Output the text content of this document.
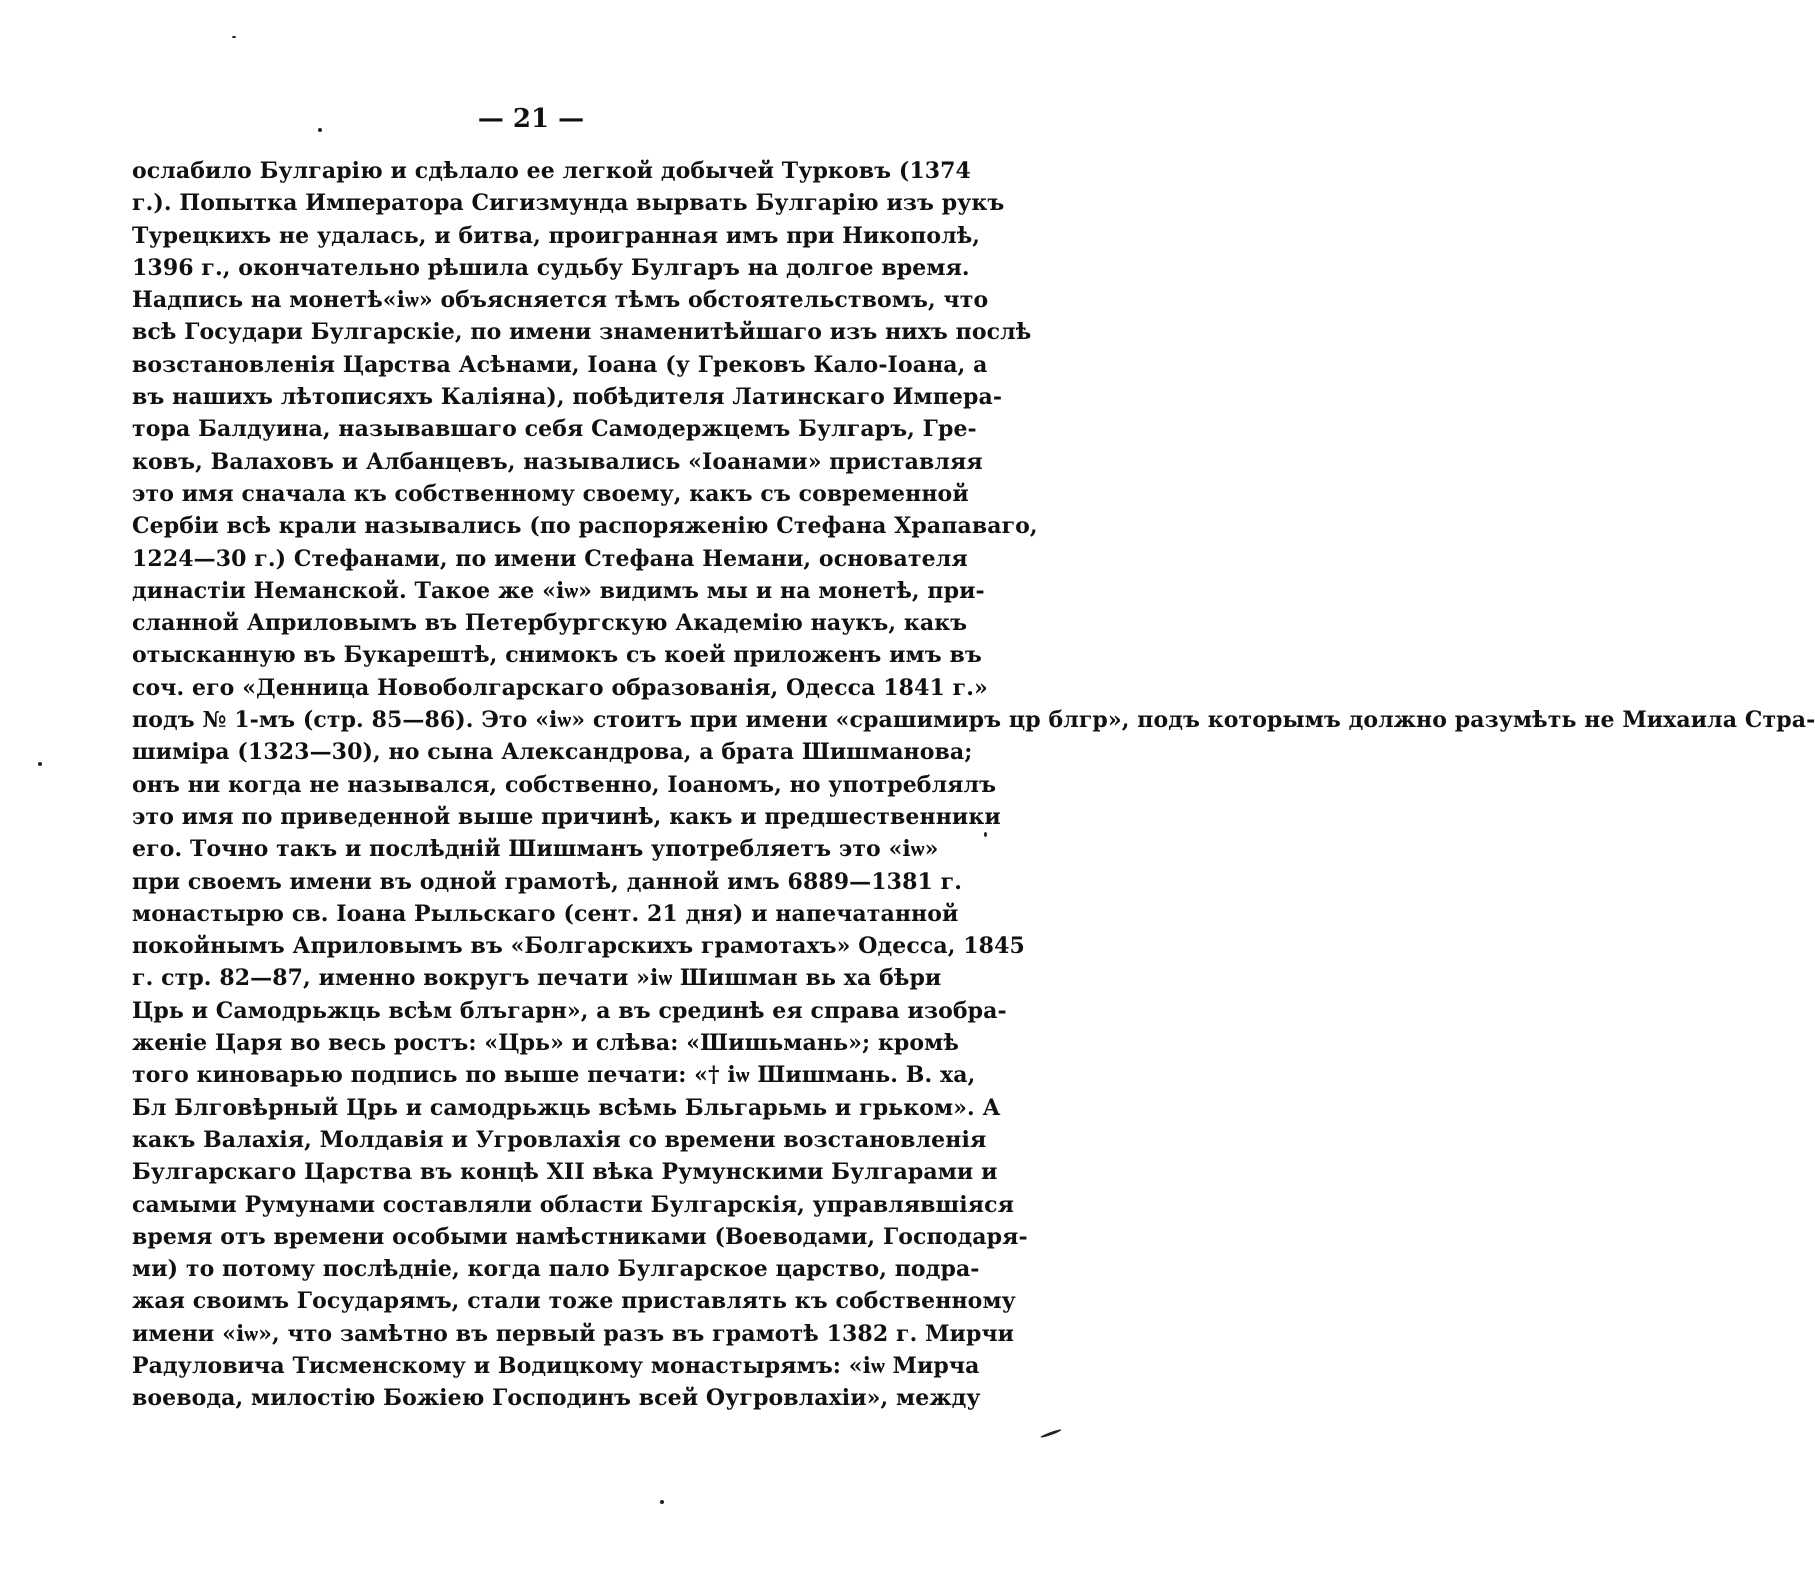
— 21 —
ослабило Булгарію и сдѣлало ее легкой добычей Турковъ (1374
г.). Попытка Императора Сигизмунда вырвать Булгарію изъ рукъ
Турецкихъ не удалась, и битва, проигранная имъ при Никополѣ,
1396 г., окончательно рѣшила судьбу Булгаръ на долгое время.
Надпись на монетѣ«іѡ» объясняется тѣмъ обстоятельствомъ, что
всѣ Государи Булгарскіе, по имени знаменитѣйшаго изъ нихъ послѣ
возстановленія Царства Асѣнами, Іоана (у Грековъ Кало-Іоана, а
въ нашихъ лѣтописяхъ Каліяна), побѣдителя Латинскаго Импера-
тора Балдуина, называвшаго себя Самодержцемъ Булгаръ, Гре-
ковъ, Валаховъ и Албанцевъ, назывались «Іоанами» приставляя
это имя сначала къ собственному своему, какъ съ современной
Сербіи всѣ крали назывались (по распоряженію Стефана Храпаваго,
1224—30 г.) Стефанами, по имени Стефана Немани, основателя
династіи Неманской. Такое же «іѡ» видимъ мы и на монетѣ, при-
сланной Априловымъ въ Петербургскую Академію наукъ, какъ
отысканную въ Букарештѣ, снимокъ съ коей приложенъ имъ въ
соч. его «Денница Новоболгарскаго образованія, Одесса 1841 г.»
подъ № 1-мъ (стр. 85—86). Это «іѡ» стоитъ при имени «срашимиръ цр блгр», подъ которымъ должно разумѣть не Михаила Стра-
шиміра (1323—30), но сына Александрова, а брата Шишманова;
онъ ни когда не назывался, собственно, Іоаномъ, но употреблялъ
это имя по приведенной выше причинѣ, какъ и предшественники
его. Точно такъ и послѣдній Шишманъ употребляетъ это «іѡ»
при своемъ имени въ одной грамотѣ, данной имъ 6889—1381 г.
монастырю св. Іоана Рыльскаго (сент. 21 дня) и напечатанной
покойнымъ Априловымъ въ «Болгарскихъ грамотахъ» Одесса, 1845
г. стр. 82—87, именно вокругъ печати »іѡ Шишман вь ха бѣри
Црь и Самодрьжць всѣм блъгарн», а въ срединѣ ея справа изобра-
женіе Царя во весь ростъ: «Црь» и слѣва: «Шишьмань»; кромѣ
того киноварью подпись по выше печати: «† іѡ Шишмань. В. ха,
Бл Блговѣрный Црь и самодрьжць всѣмь Бльгарьмь и грьком». А
какъ Валахія, Молдавія и Угровлахія со времени возстановленія
Булгарскаго Царства въ концѣ XII вѣка Румунскими Булгарами и
самыми Румунами составляли области Булгарскія, управлявшіяся
время отъ времени особыми намѣстниками (Воеводами, Господаря-
ми) то потому послѣдніе, когда пало Булгарское царство, подра-
жая своимъ Государямъ, стали тоже приставлять къ собственному
имени «іѡ», что замѣтно въ первый разъ въ грамотѣ 1382 г. Мирчи
Радуловича Тисменскому и Водицкому монастырямъ: «іѡ Мирча
воевода, милостію Божіею Господинъ всей Оугровлахіи», между
